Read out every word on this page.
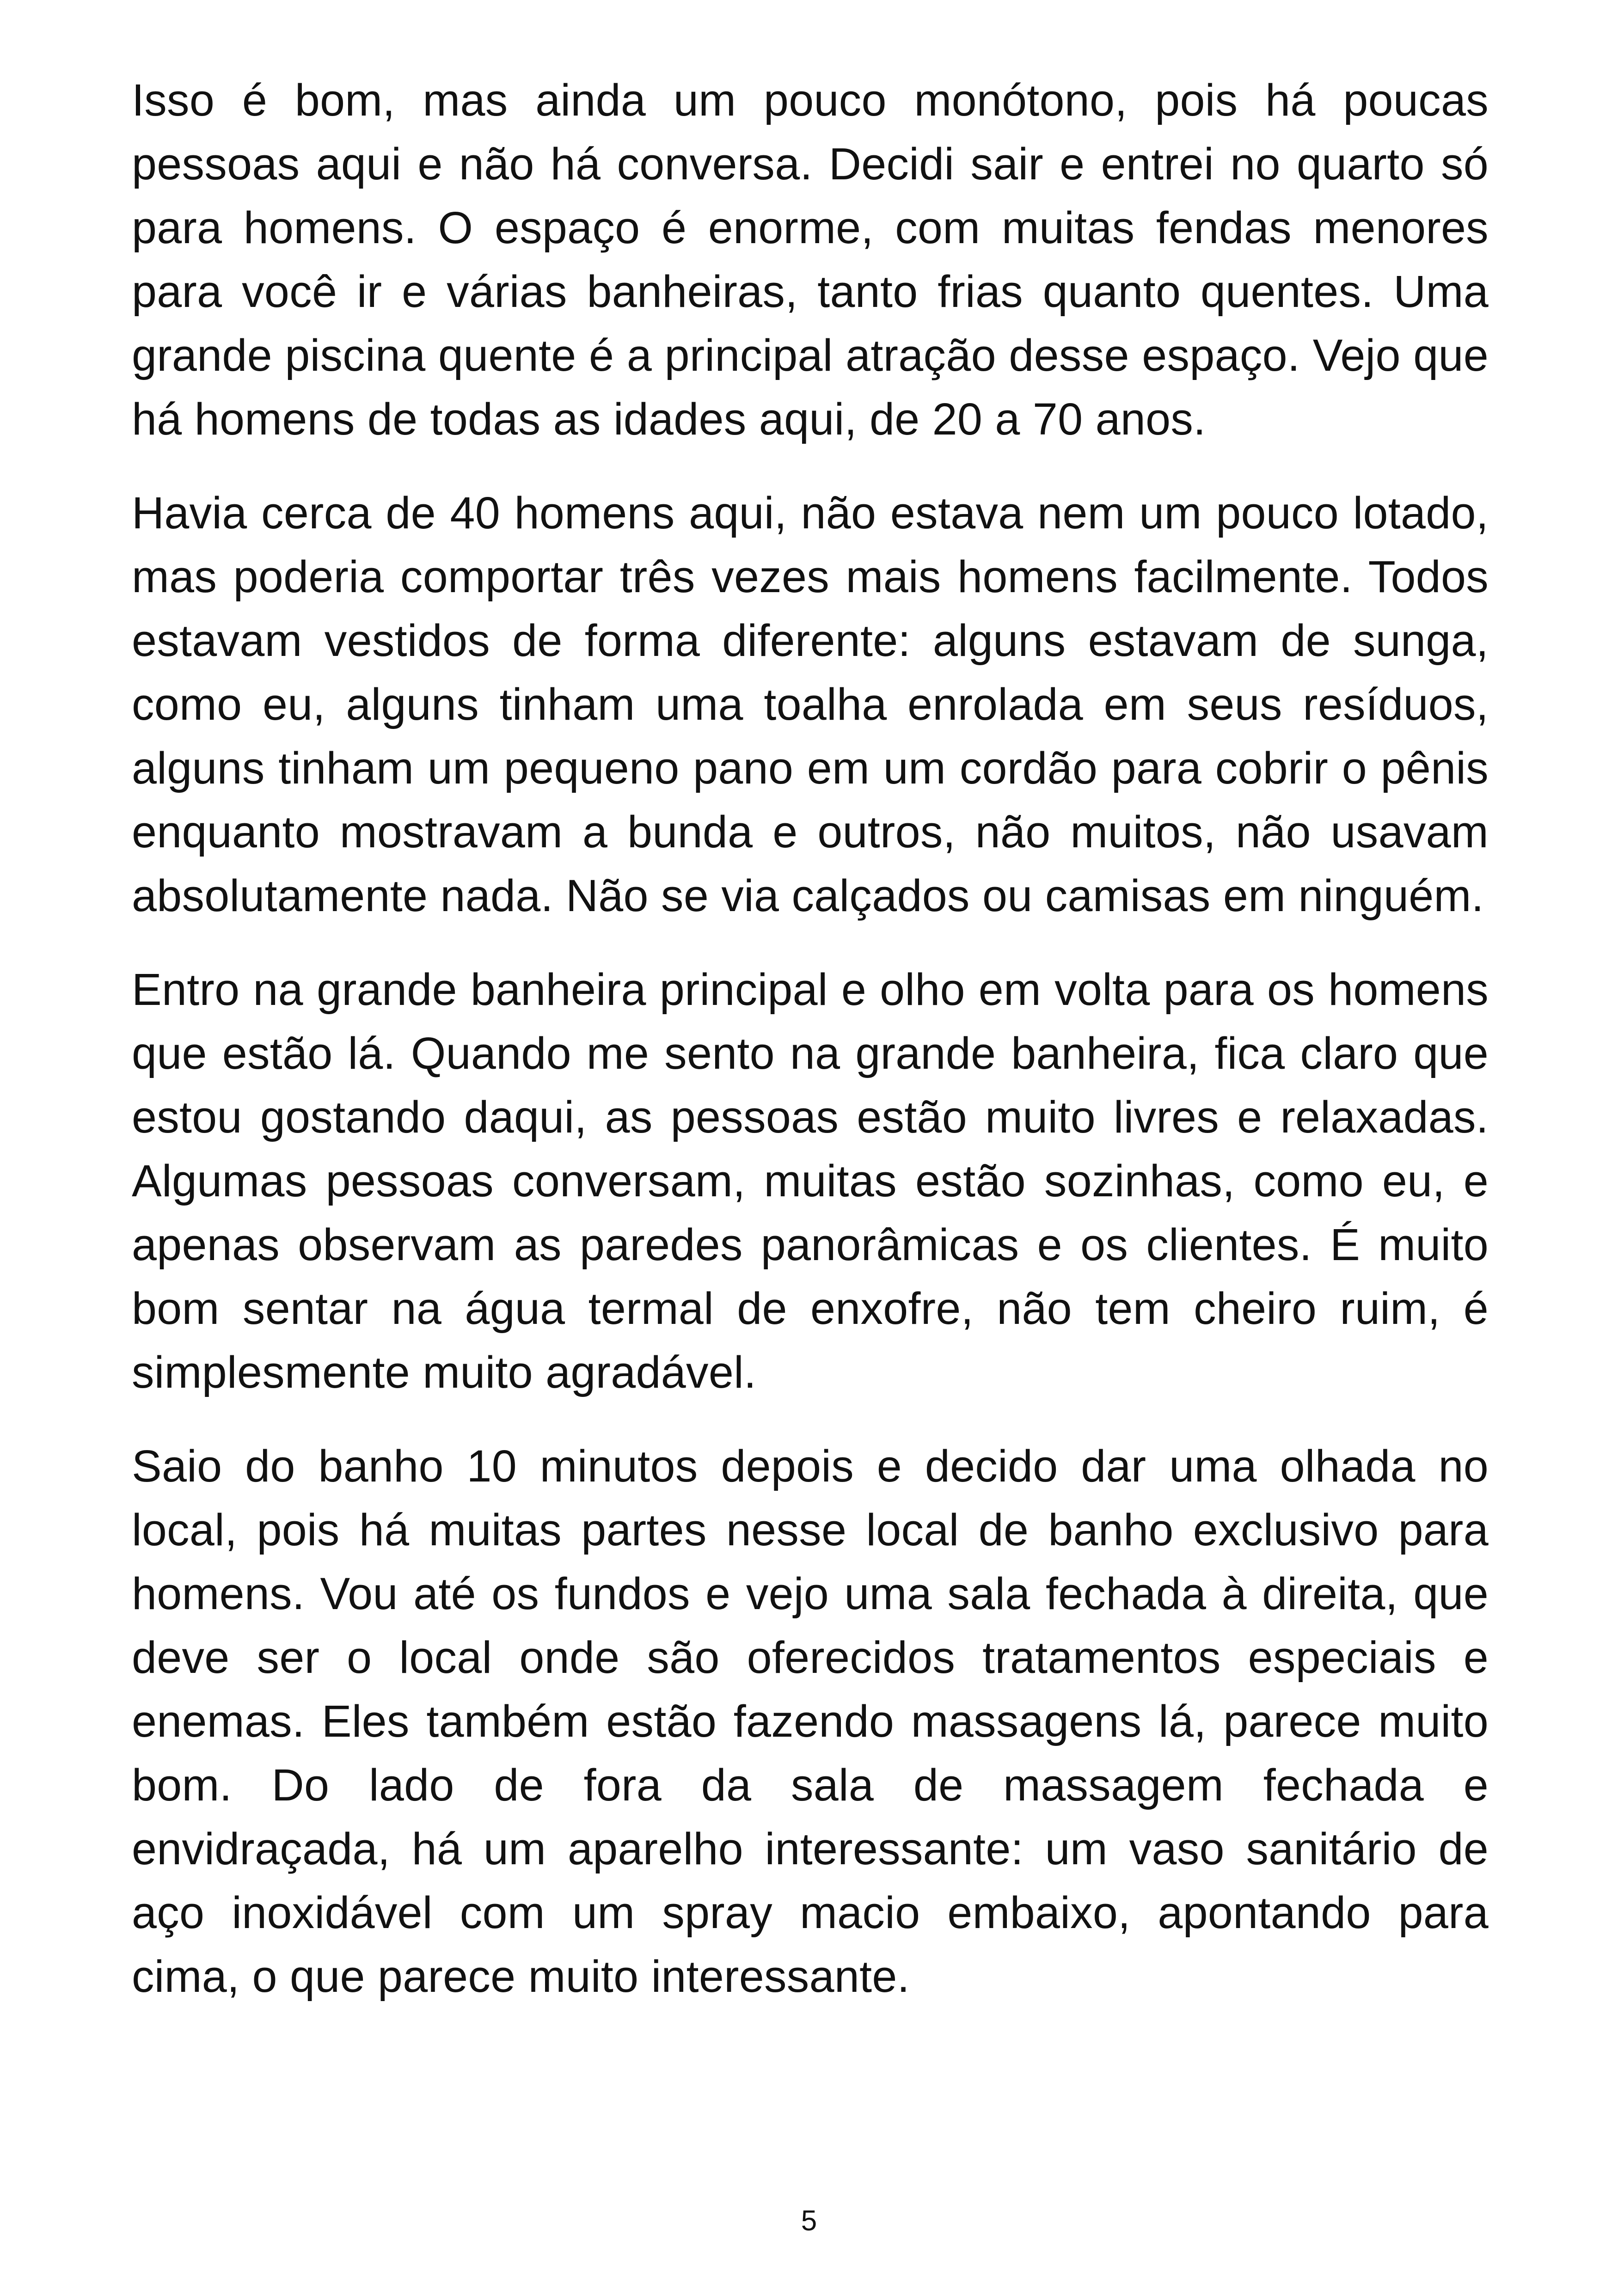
Isso é bom, mas ainda um pouco monótono, pois há poucas pessoas aqui e não há conversa. Decidi sair e entrei no quarto só para homens. O espaço é enorme, com muitas fendas menores para você ir e várias banheiras, tanto frias quanto quentes. Uma grande piscina quente é a principal atração desse espaço. Vejo que há homens de todas as idades aqui, de 20 a 70 anos.

Havia cerca de 40 homens aqui, não estava nem um pouco lotado, mas poderia comportar três vezes mais homens facilmente. Todos estavam vestidos de forma diferente: alguns estavam de sunga, como eu, alguns tinham uma toalha enrolada em seus resíduos, alguns tinham um pequeno pano em um cordão para cobrir o pênis enquanto mostravam a bunda e outros, não muitos, não usavam absolutamente nada. Não se via calçados ou camisas em ninguém.

Entro na grande banheira principal e olho em volta para os homens que estão lá. Quando me sento na grande banheira, fica claro que estou gostando daqui, as pessoas estão muito livres e relaxadas. Algumas pessoas conversam, muitas estão sozinhas, como eu, e apenas observam as paredes panorâmicas e os clientes. É muito bom sentar na água termal de enxofre, não tem cheiro ruim, é simplesmente muito agradável.

Saio do banho 10 minutos depois e decido dar uma olhada no local, pois há muitas partes nesse local de banho exclusivo para homens. Vou até os fundos e vejo uma sala fechada à direita, que deve ser o local onde são oferecidos tratamentos especiais e enemas. Eles também estão fazendo massagens lá, parece muito bom. Do lado de fora da sala de massagem fechada e envidraçada, há um aparelho interessante: um vaso sanitário de aço inoxidável com um spray macio embaixo, apontando para cima, o que parece muito interessante.

5
